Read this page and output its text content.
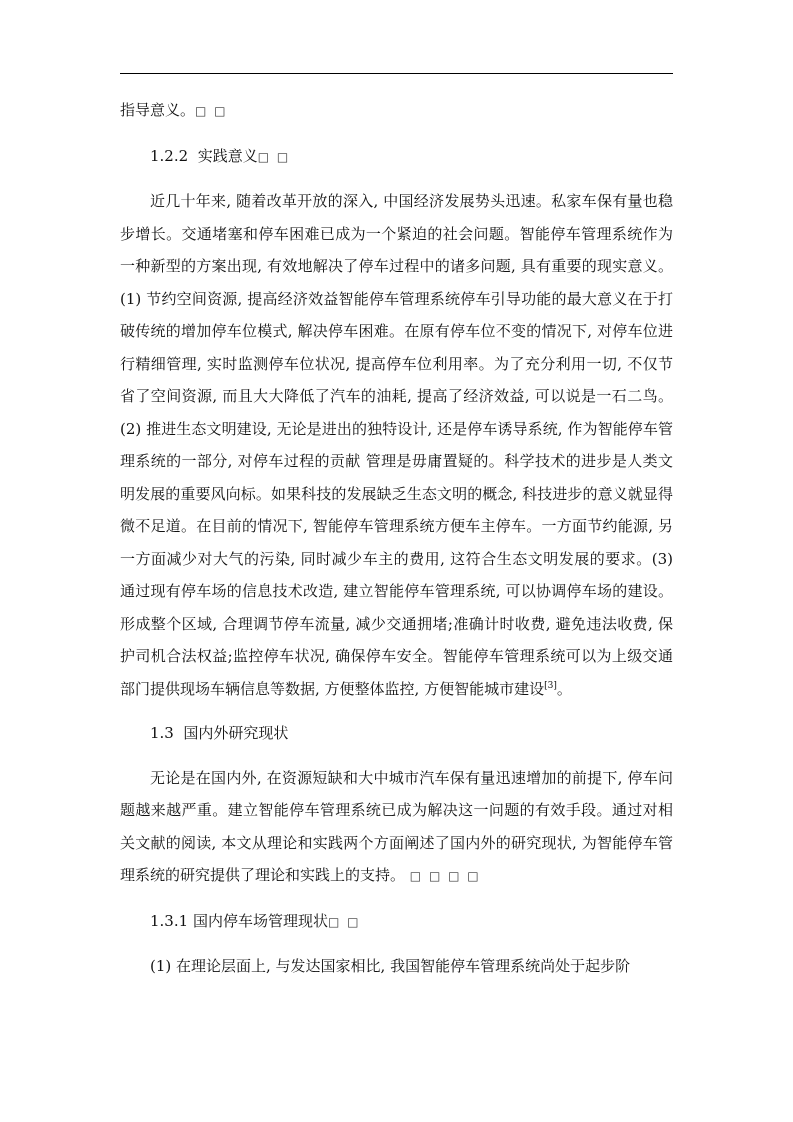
指导意义。□ □

1.2.2 实践意义□ □

近几十年来, 随着改革开放的深入, 中国经济发展势头迅速。私家车保有量也稳步增长。交通堵塞和停车困难已成为一个紧迫的社会问题。智能停车管理系统作为一种新型的方案出现, 有效地解决了停车过程中的诸多问题, 具有重要的现实意义。(1) 节约空间资源, 提高经济效益智能停车管理系统停车引导功能的最大意义在于打破传统的增加停车位模式, 解决停车困难。在原有停车位不变的情况下, 对停车位进行精细管理, 实时监测停车位状况, 提高停车位利用率。为了充分利用一切, 不仅节省了空间资源, 而且大大降低了汽车的油耗, 提高了经济效益, 可以说是一石二鸟。(2) 推进生态文明建设, 无论是进出的独特设计, 还是停车诱导系统, 作为智能停车管理系统的一部分, 对停车过程的贡献 管理是毋庸置疑的。科学技术的进步是人类文明发展的重要风向标。如果科技的发展缺乏生态文明的概念, 科技进步的意义就显得微不足道。在目前的情况下, 智能停车管理系统方便车主停车。一方面节约能源, 另一方面减少对大气的污染, 同时减少车主的费用, 这符合生态文明发展的要求。(3) 通过现有停车场的信息技术改造, 建立智能停车管理系统, 可以协调停车场的建设。形成整个区域, 合理调节停车流量, 减少交通拥堵;准确计时收费, 避免违法收费, 保护司机合法权益;监控停车状况, 确保停车安全。智能停车管理系统可以为上级交通部门提供现场车辆信息等数据, 方便整体监控, 方便智能城市建设[3]。

1.3 国内外研究现状

无论是在国内外, 在资源短缺和大中城市汽车保有量迅速增加的前提下, 停车问题越来越严重。建立智能停车管理系统已成为解决这一问题的有效手段。通过对相关文献的阅读, 本文从理论和实践两个方面阐述了国内外的研究现状, 为智能停车管理系统的研究提供了理论和实践上的支持。 □ □ □ □

1.3.1 国内停车场管理现状□ □

(1) 在理论层面上, 与发达国家相比, 我国智能停车管理系统尚处于起步阶
